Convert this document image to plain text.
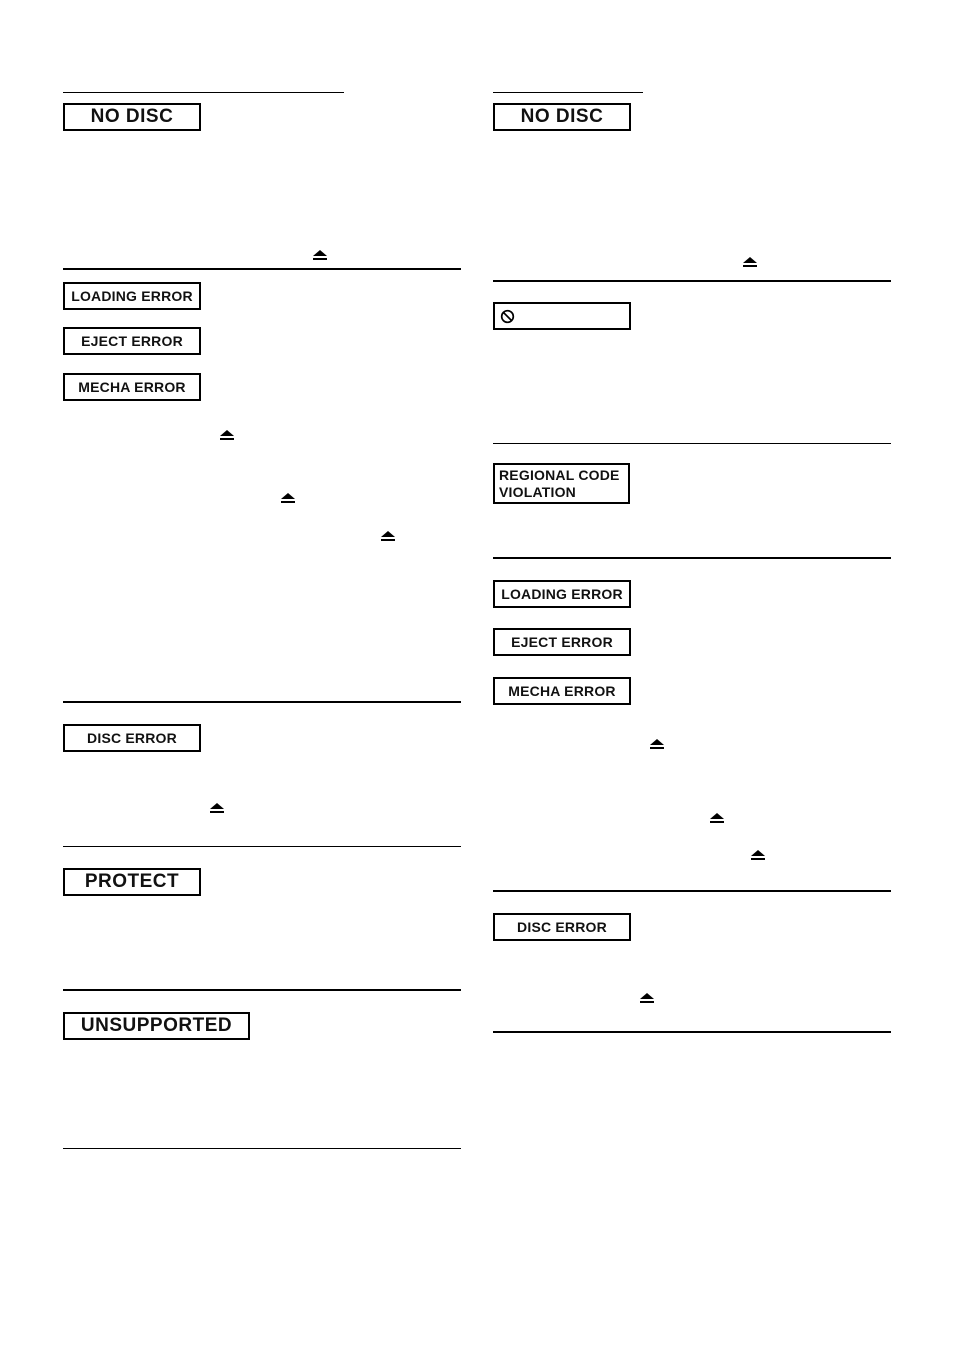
NO DISC
LOADING ERROR
EJECT ERROR
MECHA ERROR
DISC ERROR
PROTECT
UNSUPPORTED
NO DISC
REGIONAL CODE
VIOLATION
LOADING ERROR
EJECT ERROR
MECHA ERROR
DISC ERROR
